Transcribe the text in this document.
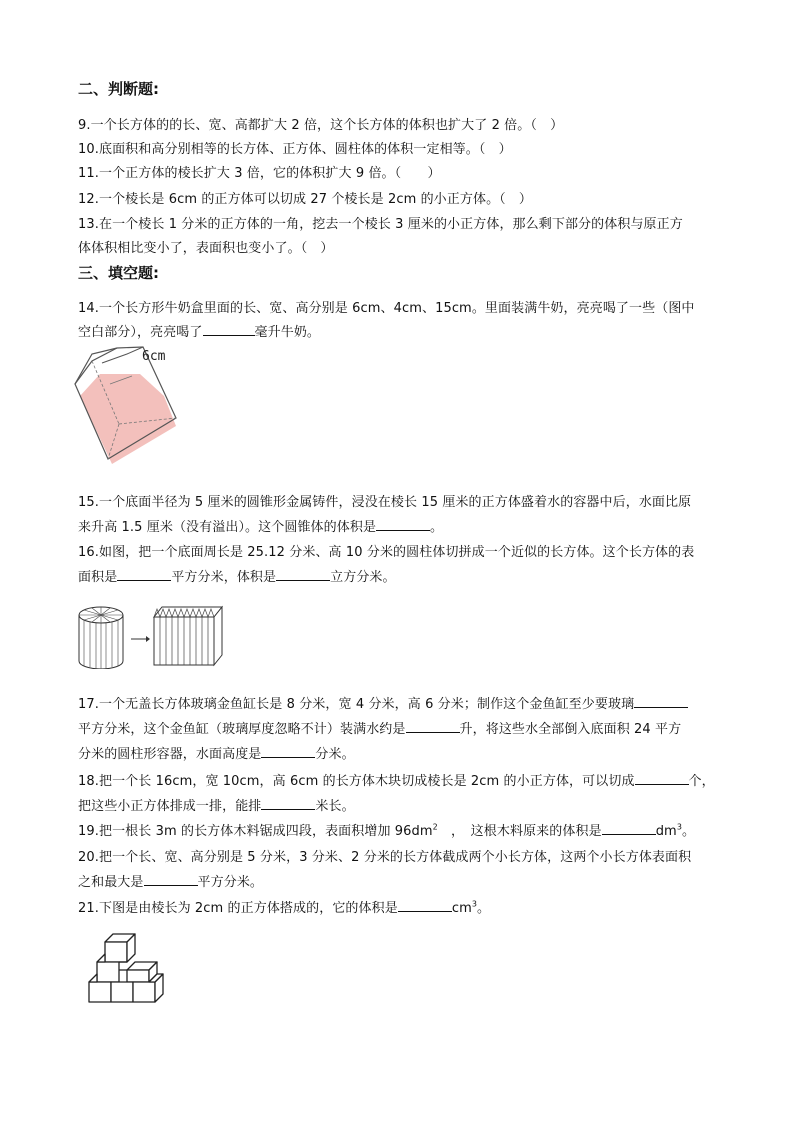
二、判断题:
9.一个长方体的的长、宽、高都扩大 2 倍，这个长方体的体积也扩大了 2 倍。（　）
10.底面积和高分别相等的长方体、正方体、圆柱体的体积一定相等。（　）
11.一个正方体的棱长扩大 3 倍，它的体积扩大 9 倍。（　　）
12.一个棱长是 6cm 的正方体可以切成 27 个棱长是 2cm 的小正方体。（　）
13.在一个棱长 1 分米的正方体的一角，挖去一个棱长 3 厘米的小正方体，那么剩下部分的体积与原正方
体体积相比变小了，表面积也变小了。（　）
三、填空题:
14.一个长方形牛奶盒里面的长、宽、高分别是 6cm、4cm、15cm。里面装满牛奶，亮亮喝了一些（图中
空白部分），亮亮喝了	毫升牛奶。
6cm
15.一个底面半径为 5 厘米的圆锥形金属铸件，浸没在棱长 15 厘米的正方体盛着水的容器中后，水面比原
来升高 1.5 厘米（没有溢出）。这个圆锥体的体积是	。
16.如图，把一个底面周长是 25.12 分米、高 10 分米的圆柱体切拼成一个近似的长方体。这个长方体的表
面积是	平方分米，体积是	立方分米。
17.一个无盖长方体玻璃金鱼缸长是 8 分米，宽 4 分米，高 6 分米；制作这个金鱼缸至少要玻璃
平方分米，这个金鱼缸（玻璃厚度忽略不计）装满水约是	升，将这些水全部倒入底面积 24 平方
分米的圆柱形容器，水面高度是	分米。
18.把一个长 16cm，宽 10cm，高 6cm 的长方体木块切成棱长是 2cm 的小正方体，可以切成	个，
把这些小正方体排成一排，能排	米长。
19.把一根长 3m 的长方体木料锯成四段，表面积增加 $96dm^2$　，　这根木料原来的体积是	$dm^3$。
20.把一个长、宽、高分别是 5 分米，3 分米、2 分米的长方体截成两个小长方体，这两个小长方体表面积
之和最大是	平方分米。
21.下图是由棱长为 2cm 的正方体搭成的，它的体积是	$cm^3$。
